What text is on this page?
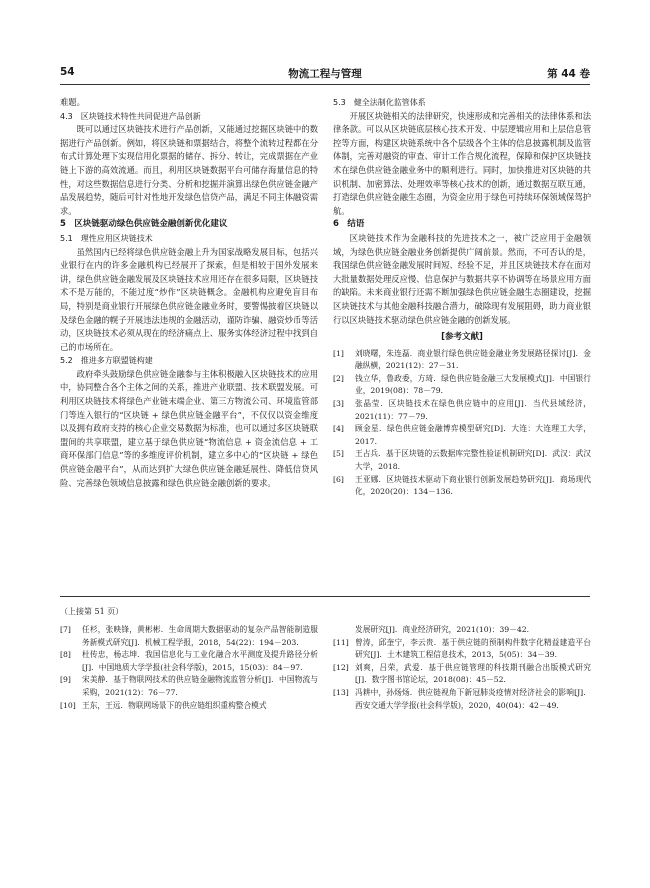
54	物流工程与管理	第 44 卷

难题。

4.3　区块链技术特性共同促进产品创新

既可以通过区块链技术进行产品创新，又能通过挖掘区块链中的数据进行产品创新。例如，将区块链和票据结合，将整个流转过程都在分布式计算处理下实现信用化票据的储存、拆分、转让，完成票据在产业链上下游的高效流通。而且，利用区块链数据平台可储存海量信息的特性，对这些数据信息进行分类、分析和挖掘并演算出绿色供应链金融产品发展趋势，随后可针对性地开发绿色信贷产品，满足不同主体融资需求。

5　区块链驱动绿色供应链金融创新优化建议
5.1　理性应用区块链技术

虽然国内已经将绿色供应链金融上升为国家战略发展目标，包括兴业银行在内的许多金融机构已经展开了探索，但是相较于国外发展来讲，绿色供应链金融发展及区块链技术应用还存在很多局限，区块链技术不是万能的，不能过度“炒作”区块链概念。金融机构应避免盲目布局，特别是商业银行开展绿色供应链金融业务时，要警惕披着区块链以及绿色金融的幌子开展违法违规的金融活动，谨防诈骗、融资炒币等活动，区块链技术必须从现在的经济痛点上、服务实体经济过程中找到自己的市场所在。

5.2　推进多方联盟链构建

政府牵头鼓励绿色供应链金融参与主体积极融入区块链技术的应用中，协同整合各个主体之间的关系，推进产业联盟、技术联盟发展。可利用区块链技术将绿色产业链末端企业、第三方物流公司、环境监管部门等连入银行的“区块链 + 绿色供应链金融平台”，不仅仅以资金维度以及拥有政府支持的核心企业交易数据为标准，也可以通过多区块链联盟间的共享联盟，建立基于绿色供应链“物流信息 + 资金流信息 + 工商环保部门信息”等的多维度评价机制，建立多中心的“区块链 + 绿色供应链金融平台”，从而达到扩大绿色供应链金融延展性、降低信贷风险、完善绿色领域信息披露和绿色供应链金融创新的要求。

5.3　健全法制化监管体系

开展区块链相关的法律研究，快速形成和完善相关的法律体系和法律条款。可以从区块链底层核心技术开发、中层逻辑应用和上层信息管控等方面，构建区块链系统中各个层级各个主体的信息披露机制及监管体制，完善对融资的审查、审计工作合规化流程，保障和保护区块链技术在绿色供应链金融业务中的顺利进行。同时，加快推进对区块链的共识机制、加密算法、处理效率等核心技术的创新，通过数据互联互通，打造绿色供应链金融生态圈，为资金应用于绿色可持续环保领域保驾护航。

6　结语

区块链技术作为金融科技的先进技术之一，被广泛应用于金融领域，为绿色供应链金融业务创新提供广阔前景。然而，不可否认的是，我国绿色供应链金融发展时间短、经验不足，并且区块链技术存在面对大批量数据处理反应慢、信息保护与数据共享不协调等在场景应用方面的缺陷。未来商业银行还需不断加强绿色供应链金融生态圈建设，挖掘区块链技术与其他金融科技融合潜力，破除现有发展阻碍，助力商业银行以区块链技术驱动绿色供应链金融的创新发展。

[参考文献]
[1]	刘晓曙，朱连磊．商业银行绿色供应链金融业务发展路径探讨[J]．金融纵横，2021(12)：27－31．
[2]	钱立华，鲁政委，方琦．绿色供应链金融三大发展模式[J]．中国银行业，2019(08)：78－79．
[3]	张晶莹．区块链技术在绿色供应链中的应用[J]．当代县域经济，2021(11)：77－79．
[4]	顾金星．绿色供应链金融博弈模型研究[D]．大连：大连理工大学，2017．
[5]	王占兵．基于区块链的云数据库完整性验证机制研究[D]．武汉：武汉大学，2018．
[6]	王亚娜．区块链技术驱动下商业银行创新发展趋势研究[J]．商场现代化，2020(20)：134－136．
（上接第 51 页）
[7]	任杉，张映锋，黄彬彬．生命周期大数据驱动的复杂产品智能制造服务新模式研究[J]．机械工程学报，2018，54(22)：194－203．
[8]	杜传忠，杨志坤．我国信息化与工业化融合水平测度及提升路径分析[J]．中国地质大学学报(社会科学版)，2015，15(03)：84－97．
[9]	宋美静．基于物联网技术的供应链金融物流监管分析[J]．中国物流与采购，2021(12)：76－77．
[10] 王东，王远．物联网场景下的供应链组织重构整合模式
发展研究[J]．商业经济研究，2021(10)：39－42．
[11] 曾涛，邱奎宁，李云贵．基于供应链的预制构件数字化精益建造平台研究[J]．土木建筑工程信息技术，2013，5(05)：34－39．
[12] 刘爽，吕荣，武爱．基于供应链管理的科技期刊融合出版模式研究[J]．数字图书馆论坛，2018(08)：45－52．
[13] 冯耕中，孙炀炀．供应链视角下新冠肺炎疫情对经济社会的影响[J]．西安交通大学学报(社会科学版)，2020，40(04)：42－49．
